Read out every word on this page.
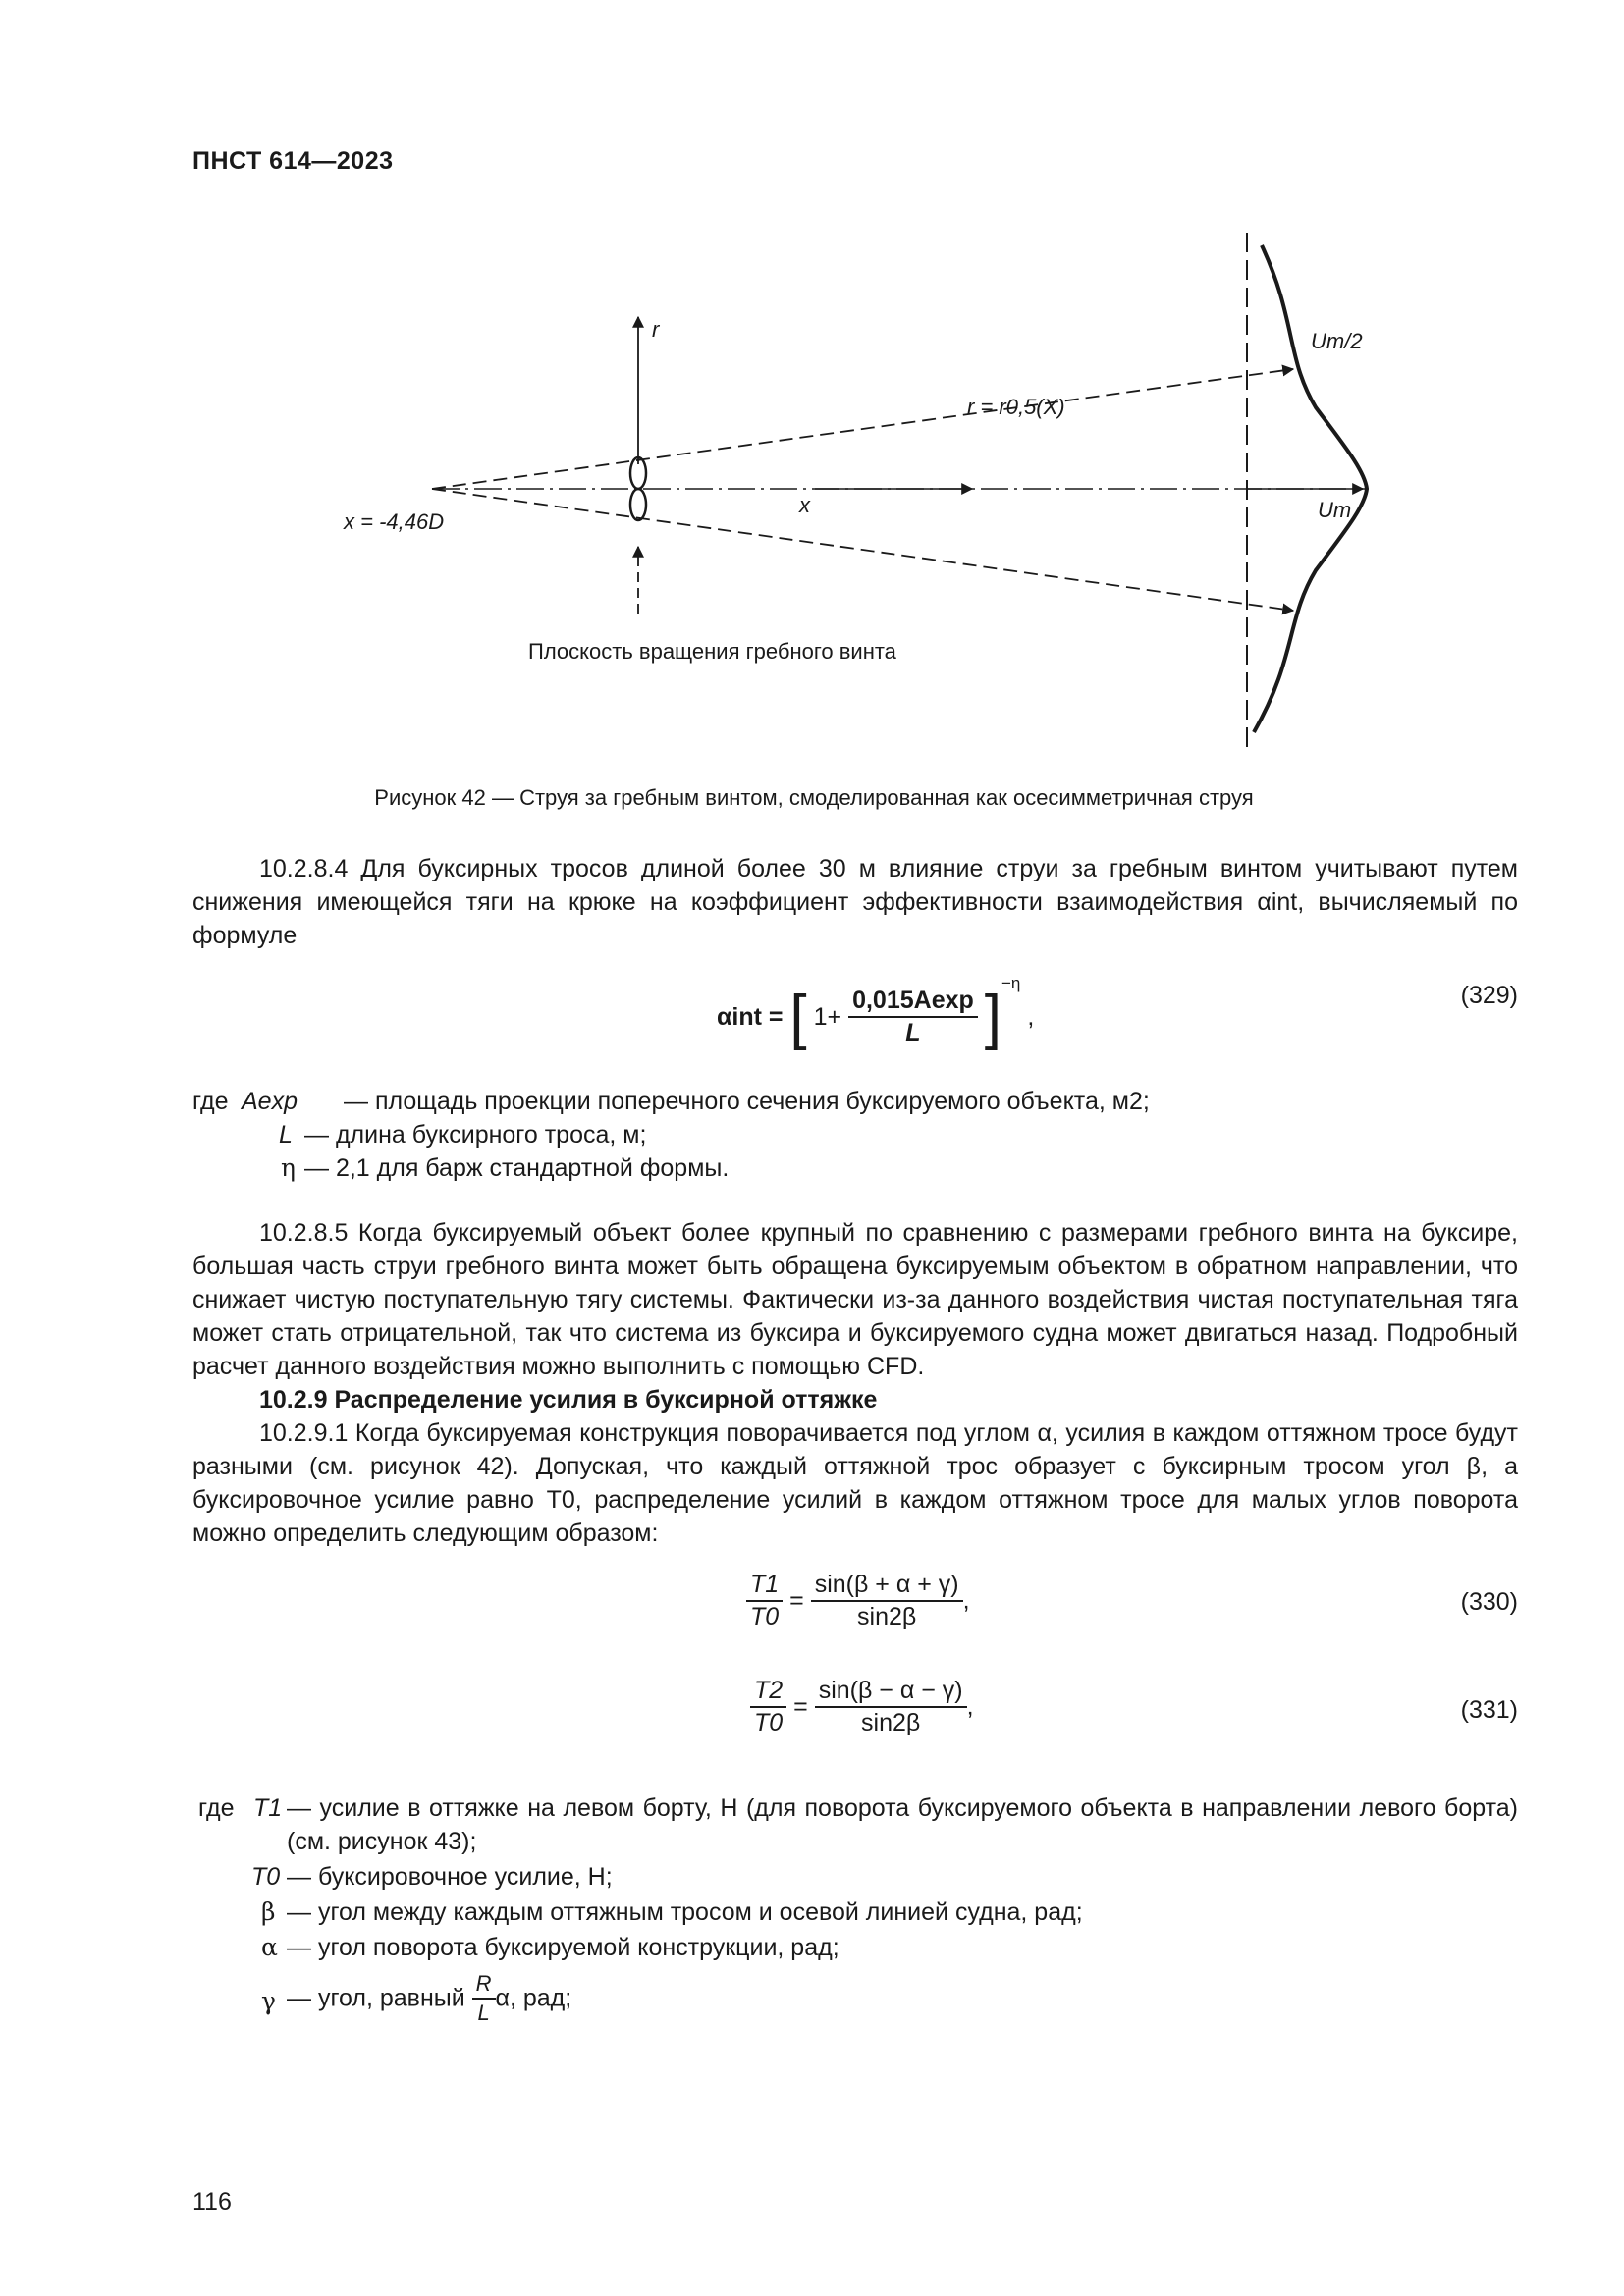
ПНСТ 614—2023
r
x
x = -4,46D
r = r0,5(X)
Um/2
Um
Плоскость вращения гребного винта
Рисунок 42 — Струя за гребным винтом, смоделированная как осесимметричная струя
10.2.8.4 Для буксирных тросов длиной более 30 м влияние струи за гребным винтом учитывают путем снижения имеющейся тяги на крюке на коэффициент эффективности взаимодействия αint, вычисляемый по формуле
αint = [ $1+ \frac{0,015Aexp}{L} ]^{-\eta}$ ,
(329)
где Aexp — площадь проекции поперечного сечения буксируемого объекта, м2;
L — длина буксирного троса, м;
η — 2,1 для барж стандартной формы.
10.2.8.5 Когда буксируемый объект более крупный по сравнению с размерами гребного винта на буксире, большая часть струи гребного винта может быть обращена буксируемым объектом в обратном направлении, что снижает чистую поступательную тягу системы. Фактически из-за данного воздействия чистая поступательная тяга может стать отрицательной, так что система из буксира и буксируемого судна может двигаться назад. Подробный расчет данного воздействия можно выполнить с помощью CFD.
10.2.9 Распределение усилия в буксирной оттяжке
10.2.9.1 Когда буксируемая конструкция поворачивается под углом α, усилия в каждом оттяжном тросе будут разными (см. рисунок 42). Допуская, что каждый оттяжной трос образует с буксирным тросом угол β, а буксировочное усилие равно T0, распределение усилий в каждом оттяжном тросе для малых углов поворота можно определить следующим образом:
$\frac{T1}{T0} = \frac{\sin(\beta + \alpha + \gamma)}{\sin 2\beta}$ ,	(330)
$\frac{T2}{T0} = \frac{\sin(\beta - \alpha - \gamma)}{\sin 2\beta}$ ,	(331)
где T1 — усилие в оттяжке на левом борту, Н (для поворота буксируемого объекта в направлении левого борта) (см. рисунок 43);
T0 — буксировочное усилие, Н;
β — угол между каждым оттяжным тросом и осевой линией судна, рад;
α — угол поворота буксируемой конструкции, рад;
γ — угол, равный $\frac{R}{L} \alpha$, рад;
116
